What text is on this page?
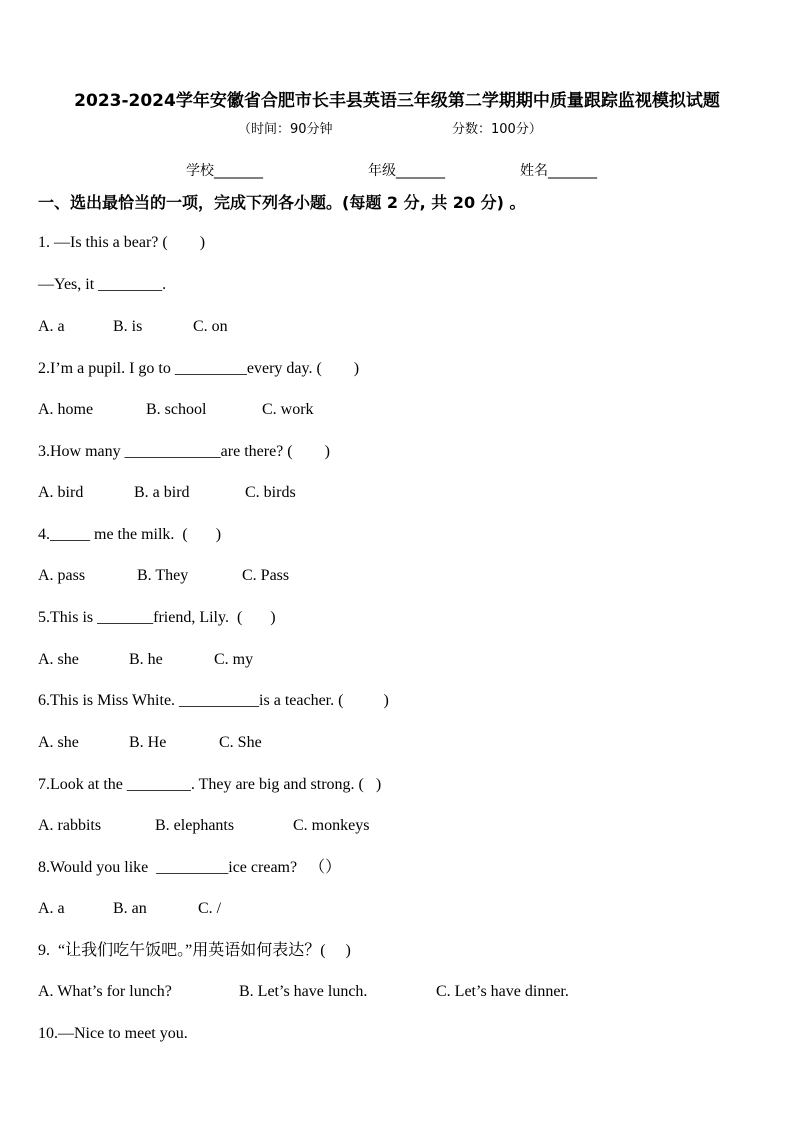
2023-2024学年安徽省合肥市长丰县英语三年级第二学期期中质量跟踪监视模拟试题
（时间：90分钟	分数：100分）
学校_______	年级_______	姓名_______
一、选出最恰当的一项，完成下列各小题。(每题 2 分, 共 20 分) 。
1. —Is this a bear? (        )
—Yes, it ________.
A. a	B. is	C. on
2.I’m a pupil. I go to _________every day. (        )
A. home	B. school	C. work
3.How many ____________are there? (        )
A. bird	B. a bird	C. birds
4._____ me the milk.  (       )
A. pass	B. They	C. Pass
5.This is _______friend, Lily.  (       )
A. she	B. he	C. my
6.This is Miss White. __________is a teacher. (          )
A. she	B. He	C. She
7.Look at the ________. They are big and strong. (   )
A. rabbits	B. elephants	C. monkeys
8.Would you like  _________ice cream?   （）
A. a	B. an	C. /
9.  “让我们吃午饭吧。”用英语如何表达？(     )
A. What’s for lunch?	B. Let’s have lunch.	C. Let’s have dinner.
10.—Nice to meet you.
